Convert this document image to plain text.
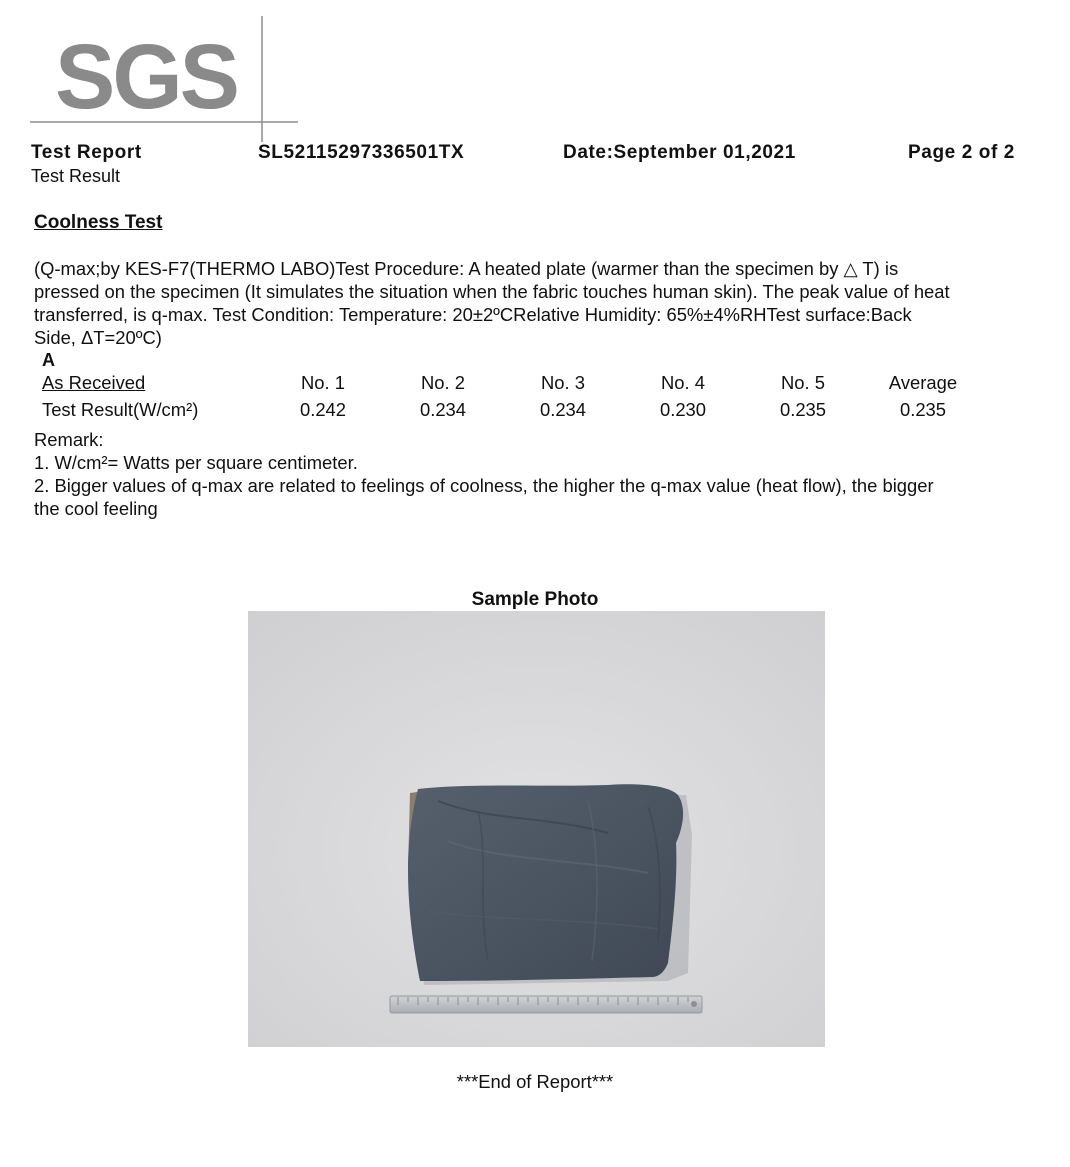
SGS
Test Report	SL52115297336501TX	Date:September 01,2021	Page 2 of 2
Test Result
Coolness Test
(Q-max;by KES-F7(THERMO LABO)Test Procedure: A heated plate (warmer than the specimen by △ T) is
pressed on the specimen (It simulates the situation when the fabric touches human skin). The peak value of heat
transferred, is q-max. Test Condition: Temperature: 20±2ºCRelative Humidity: 65%±4%RHTest surface:Back
Side, ΔT=20ºC)
A
As Received	No. 1	No. 2	No. 3	No. 4	No. 5	Average
Test Result(W/cm²)	0.242	0.234	0.234	0.230	0.235	0.235
Remark:
1. W/cm²= Watts per square centimeter.
2. Bigger values of q-max are related to feelings of coolness, the higher the q-max value (heat flow), the bigger
the cool feeling
Sample Photo
***End of Report***
